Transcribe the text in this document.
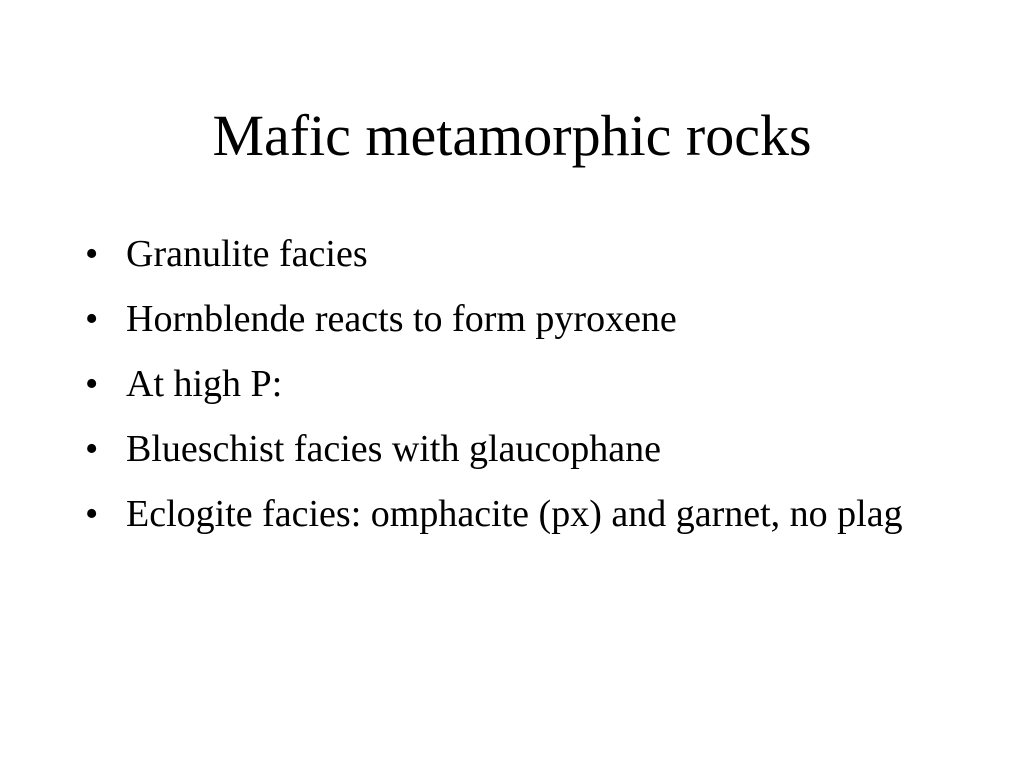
Mafic metamorphic rocks
• Granulite facies
• Hornblende reacts to form pyroxene
• At high P:
• Blueschist facies with glaucophane
• Eclogite facies: omphacite (px) and garnet, no plag
